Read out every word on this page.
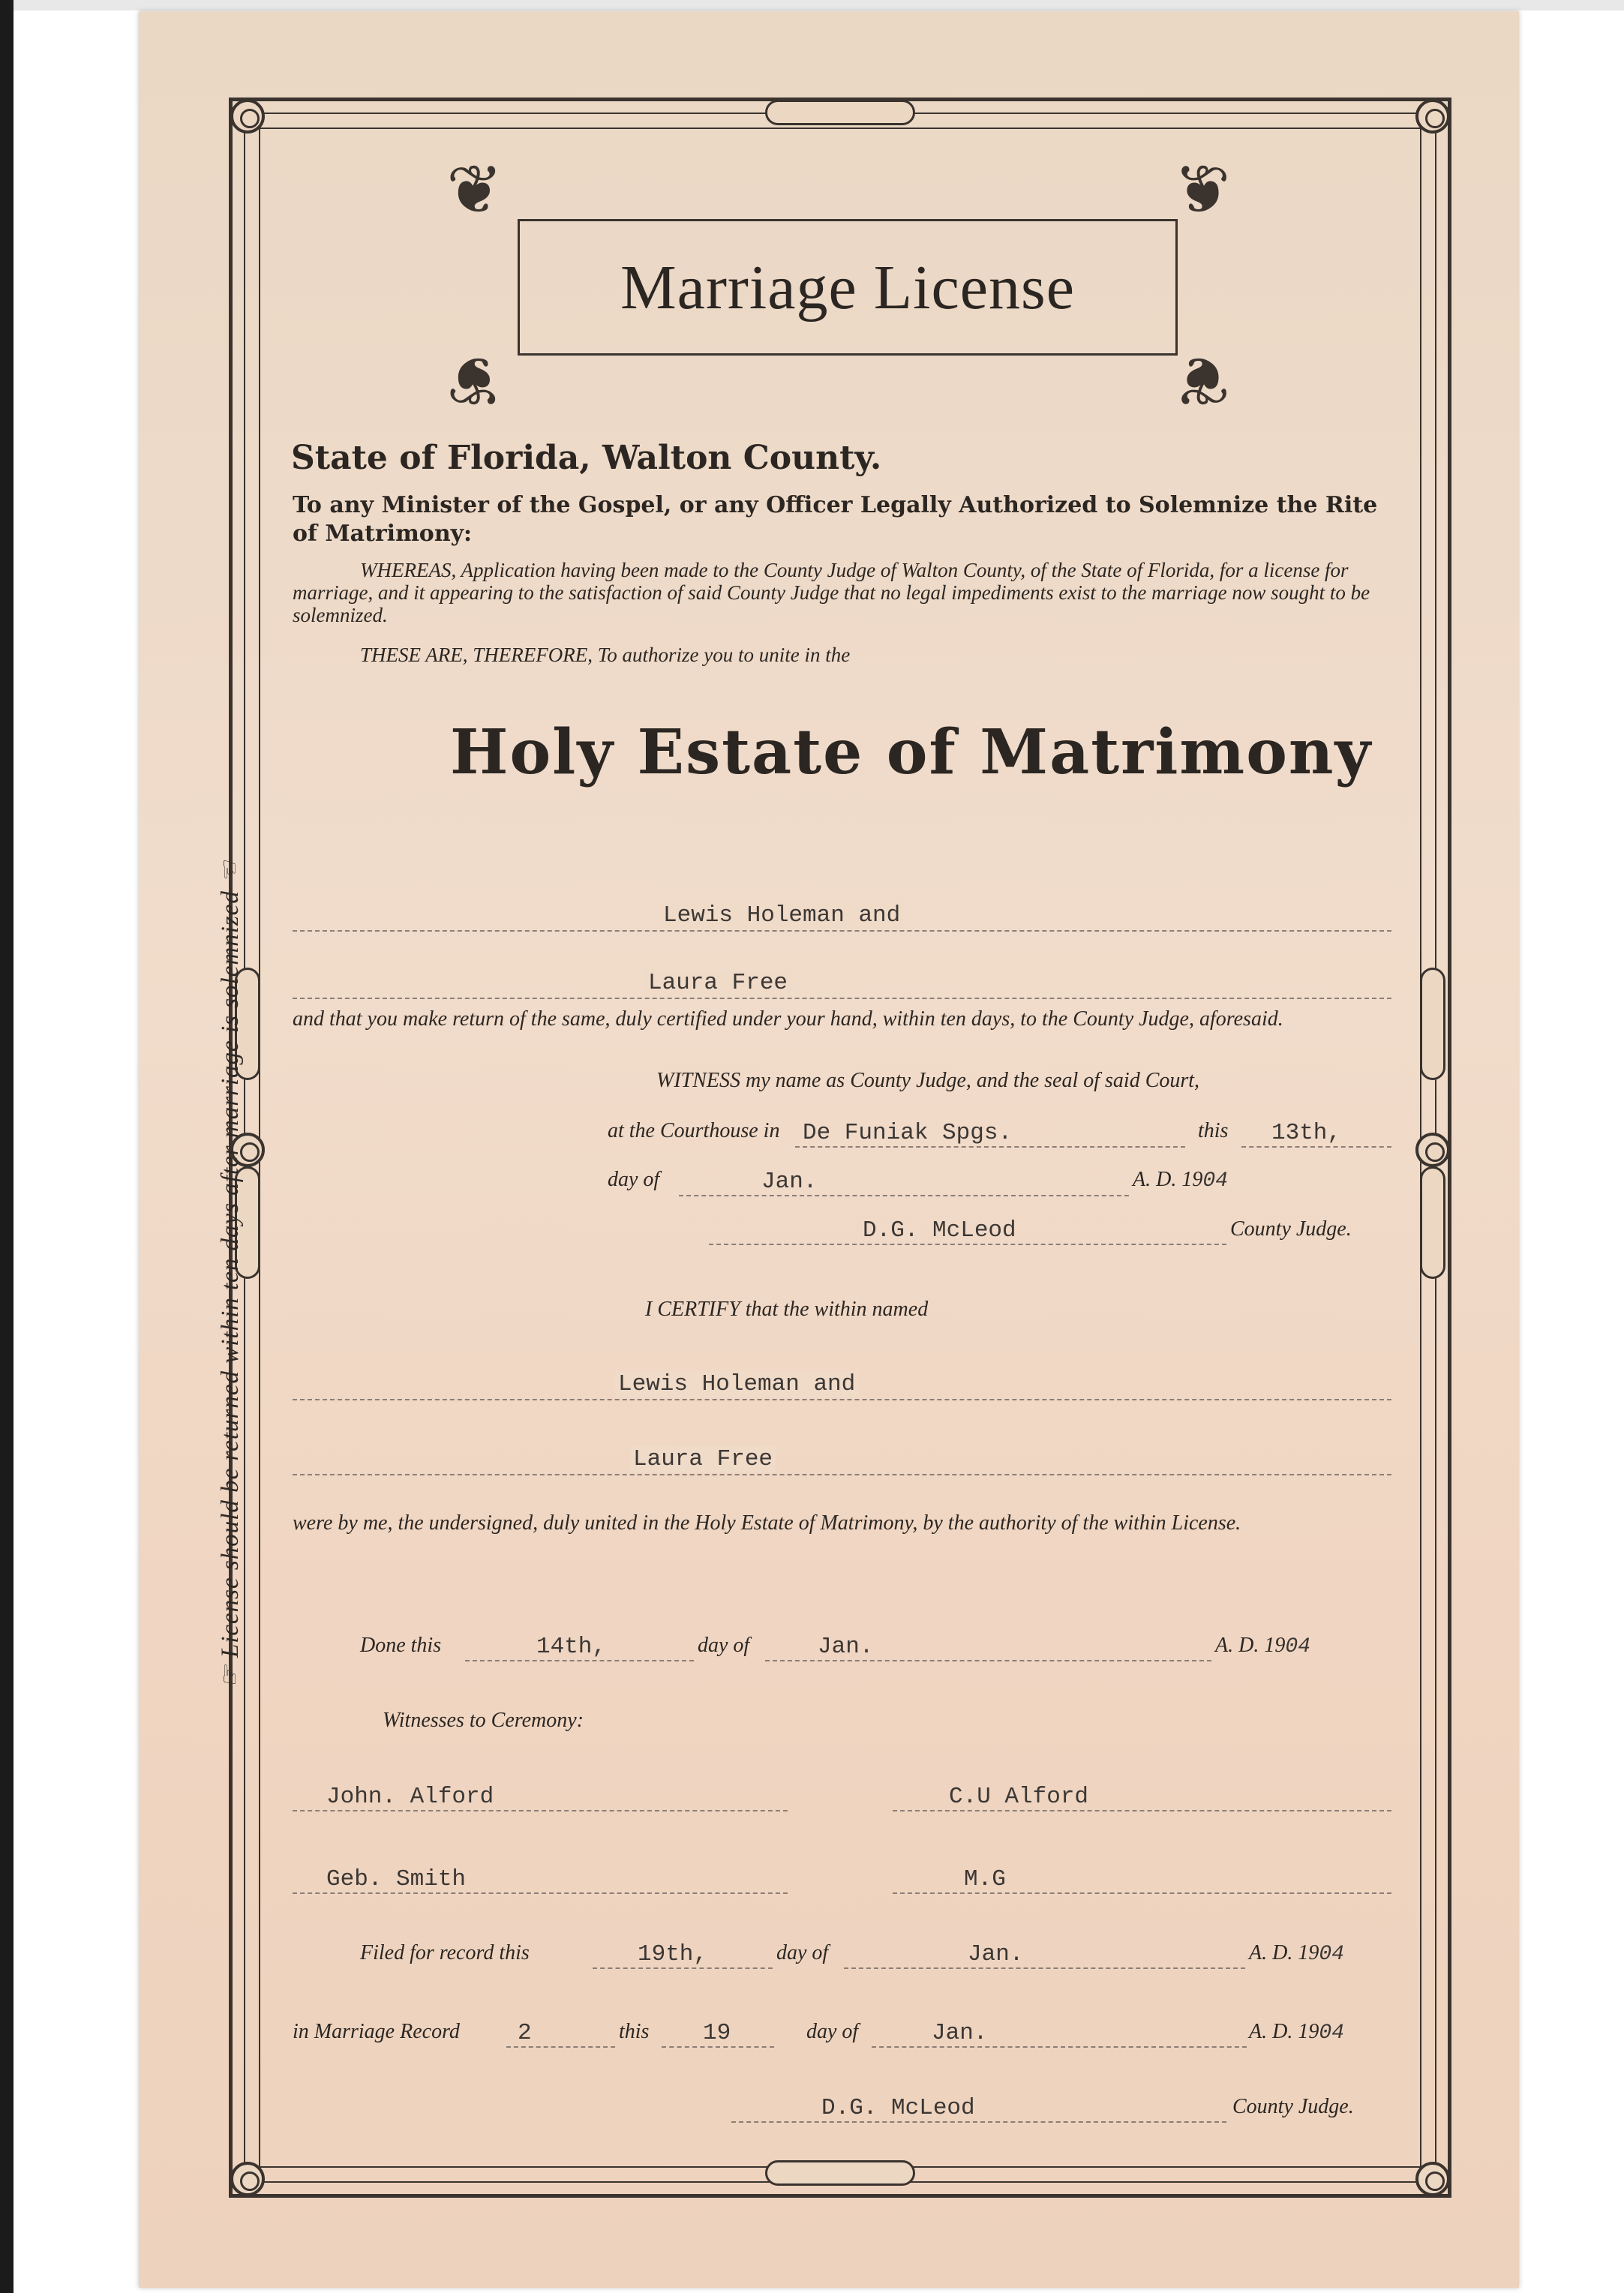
☞ License should be returned within ten days after marriage is solemnized ☜
❦	❦
❦	❦
Marriage License
State of Florida, Walton County.
To any Minister of the Gospel, or any Officer Legally Authorized to Solemnize the Rite of Matrimony:
WHEREAS, Application having been made to the County Judge of Walton County, of the State of Florida, for a license for marriage, and it appearing to the satisfaction of said County Judge that no legal impediments exist to the marriage now sought to be solemnized.
THESE ARE, THEREFORE, To authorize you to unite in the
Holy Estate of Matrimony
Lewis Holeman and
Laura Free
and that you make return of the same, duly certified under your hand, within ten days, to the County Judge, aforesaid.
WITNESS my name as County Judge, and the seal of said Court,
at the Courthouse in De Funiak Spgs.	this 13th,
day of	Jan.	A. D. 1904
D.G. McLeod	County Judge.
I CERTIFY that the within named
Lewis Holeman and
Laura Free
were by me, the undersigned, duly united in the Holy Estate of Matrimony, by the authority of the within License.
Done this	14th,	day of	Jan.	A. D. 1904
Witnesses to Ceremony:
John. Alford	C.U Alford
Geb. Smith	M.G
Filed for record this	19th,	day of	Jan.	A. D. 1904
in Marriage Record 2	this 19	day of	Jan.	A. D. 1904
D.G. McLeod	County Judge.
